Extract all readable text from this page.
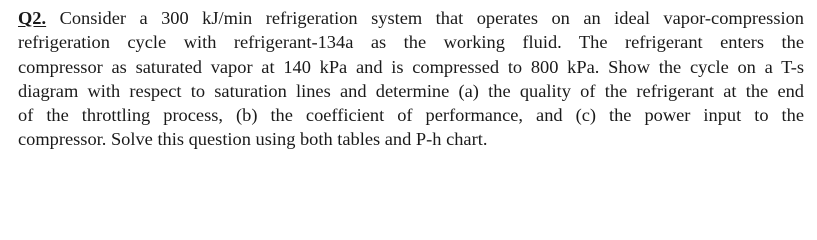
Q2. Consider a 300 kJ/min refrigeration system that operates on an ideal vapor-compression
refrigeration cycle with refrigerant-134a as the working fluid. The refrigerant enters the
compressor as saturated vapor at 140 kPa and is compressed to 800 kPa. Show the cycle on a T-s
diagram with respect to saturation lines and determine (a) the quality of the refrigerant at the end
of the throttling process, (b) the coefficient of performance, and (c) the power input to the
compressor. Solve this question using both tables and P-h chart.
